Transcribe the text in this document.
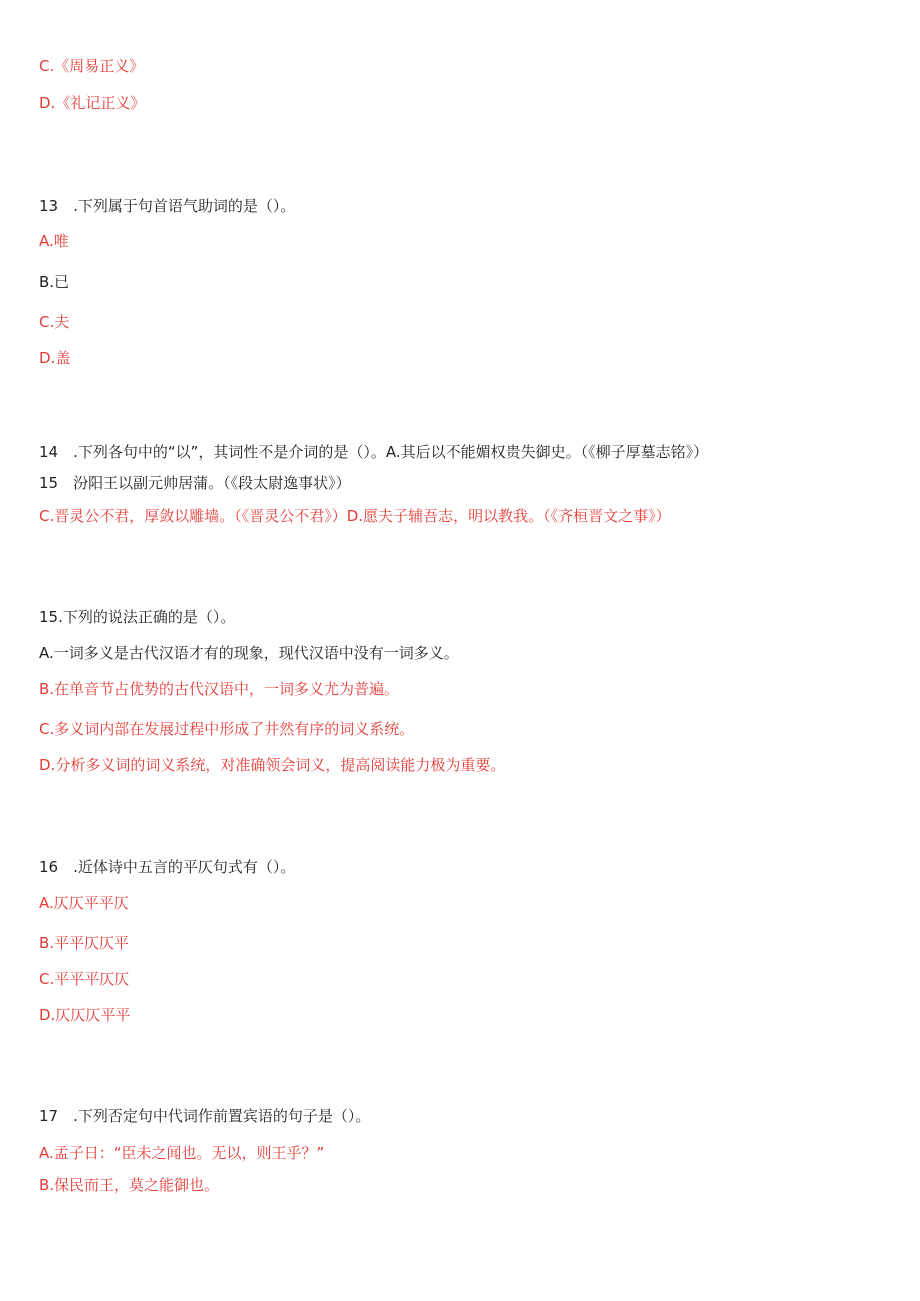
C.《周易正义》
D.《礼记正义》
13 .下列属于句首语气助词的是（）。
A.唯
B.已
C.夫
D.盖
14 .下列各句中的“以”，其词性不是介词的是（）。A.其后以不能媚权贵失御史。（《柳子厚墓志铭》）
15 汾阳王以副元帅居蒲。（《段太尉逸事状》）
C.晋灵公不君，厚敛以雕墙。（《晋灵公不君》）D.愿夫子辅吾志，明以教我。（《齐桓晋文之事》）
15.下列的说法正确的是（）。
A.一词多义是古代汉语才有的现象，现代汉语中没有一词多义。
B.在单音节占优势的古代汉语中，一词多义尤为普遍。
C.多义词内部在发展过程中形成了井然有序的词义系统。
D.分析多义词的词义系统，对准确领会词义，提高阅读能力极为重要。
16 .近体诗中五言的平仄句式有（）。
A.仄仄平平仄
B.平平仄仄平
C.平平平仄仄
D.仄仄仄平平
17 .下列否定句中代词作前置宾语的句子是（）。
A.孟子日：“臣未之闻也。无以，则王乎？”
B.保民而王，莫之能御也。
